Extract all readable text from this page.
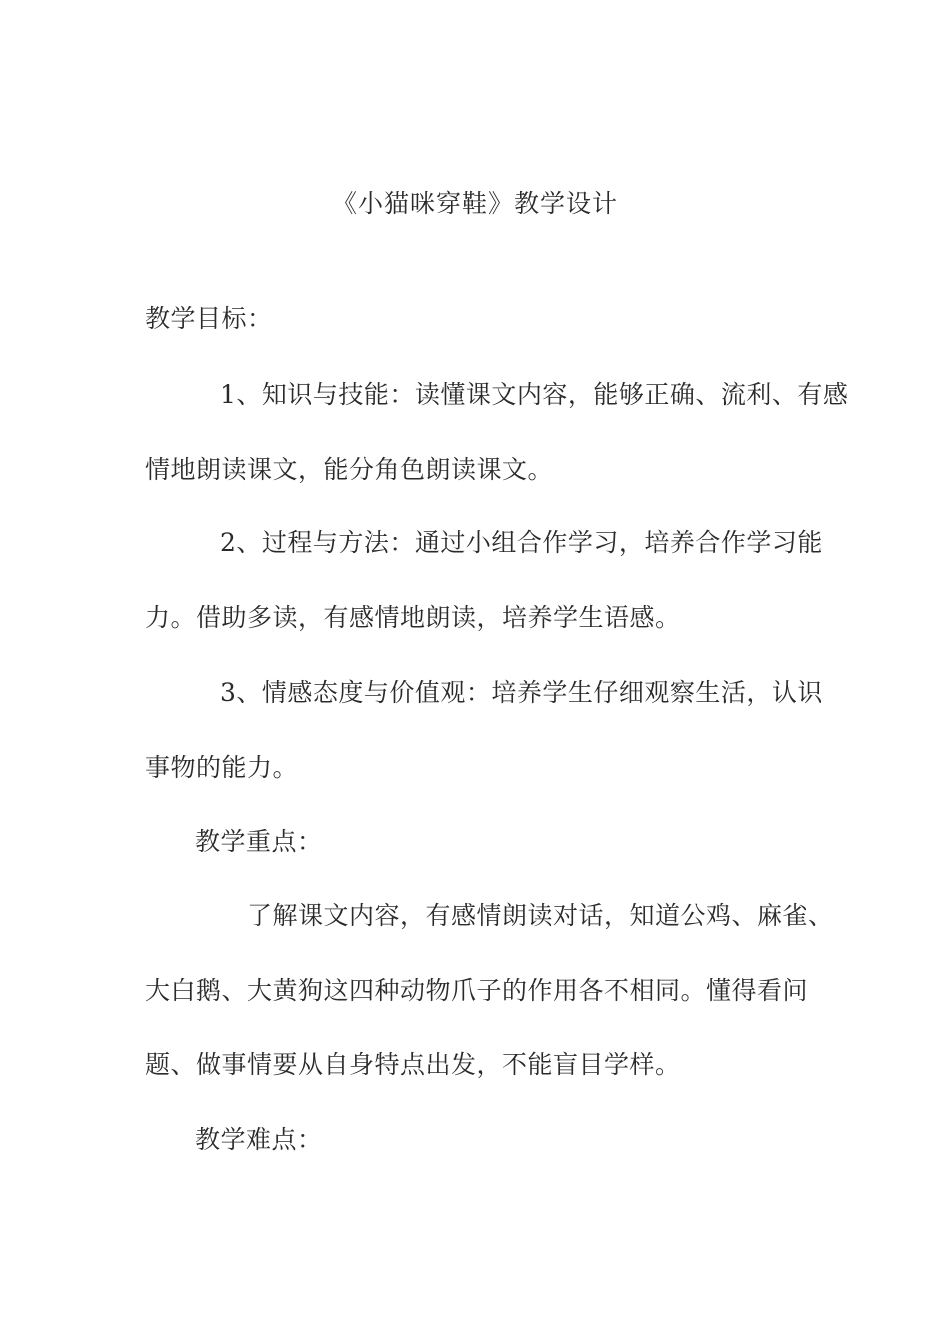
《小猫咪穿鞋》教学设计
教学目标：
1、知识与技能：读懂课文内容，能够正确、流利、有感
情地朗读课文，能分角色朗读课文。
2、过程与方法：通过小组合作学习，培养合作学习能
力。借助多读，有感情地朗读，培养学生语感。
3、情感态度与价值观：培养学生仔细观察生活，认识
事物的能力。
教学重点：
了解课文内容，有感情朗读对话，知道公鸡、麻雀、
大白鹅、大黄狗这四种动物爪子的作用各不相同。懂得看问
题、做事情要从自身特点出发，不能盲目学样。
教学难点：
